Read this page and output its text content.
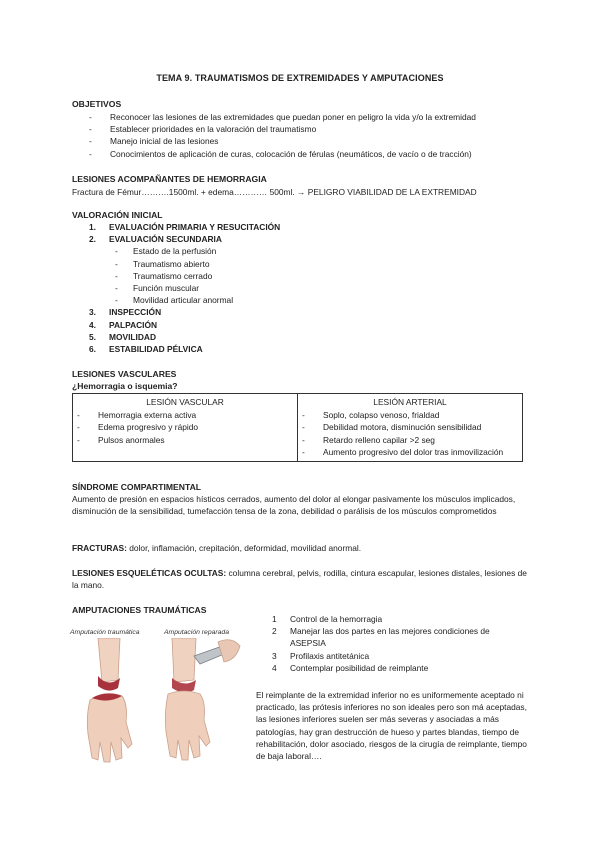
TEMA 9. TRAUMATISMOS DE EXTREMIDADES Y AMPUTACIONES
OBJETIVOS
- Reconocer las lesiones de las extremidades que puedan poner en peligro la vida y/o la extremidad
- Establecer prioridades en la valoración del traumatismo
- Manejo inicial de las lesiones
- Conocimientos de aplicación de curas, colocación de férulas (neumáticos, de vacío o de tracción)
LESIONES ACOMPAÑANTES DE HEMORRAGIA
Fractura de Fémur……….1500ml. + edema………… 500ml. → PELIGRO VIABILIDAD DE LA EXTREMIDAD
VALORACIÓN INICIAL
1. EVALUACIÓN PRIMARIA Y RESUCITACIÓN
2. EVALUACIÓN SECUNDARIA
- Estado de la perfusión
- Traumatismo abierto
- Traumatismo cerrado
- Función muscular
- Movilidad articular anormal
3. INSPECCIÓN
4. PALPACIÓN
5. MOVILIDAD
6. ESTABILIDAD PÉLVICA
LESIONES VASCULARES
¿Hemorragia o isquemia?
LESIÓN VASCULAR
- Hemorragia externa activa
- Edema progresivo y rápido
- Pulsos anormales

LESIÓN ARTERIAL
- Soplo, colapso venoso, frialdad
- Debilidad motora, disminución sensibilidad
- Retardo relleno capilar >2 seg
- Aumento progresivo del dolor tras inmovilización
SÍNDROME COMPARTIMENTAL
Aumento de presión en espacios hísticos cerrados, aumento del dolor al elongar pasivamente los músculos implicados, disminución de la sensibilidad, tumefacción tensa de la zona, debilidad o parálisis de los músculos comprometidos
FRACTURAS: dolor, inflamación, crepitación, deformidad, movilidad anormal.
LESIONES ESQUELÉTICAS OCULTAS: columna cerebral, pelvis, rodilla, cintura escapular, lesiones distales, lesiones de la mano.
AMPUTACIONES TRAUMÁTICAS
Amputación traumática	Amputación reparada
1 Control de la hemorragia
2 Manejar las dos partes en las mejores condiciones de ASEPSIA
3 Profilaxis antitetánica
4 Contemplar posibilidad de reimplante
El reimplante de la extremidad inferior no es uniformemente aceptado ni practicado, las prótesis inferiores no son ideales pero son má aceptadas, las lesiones inferiores suelen ser más severas y asociadas a más patologías, hay gran destrucción de hueso y partes blandas, tiempo de rehabilitación, dolor asociado, riesgos de la cirugía de reimplante, tiempo de baja laboral….
